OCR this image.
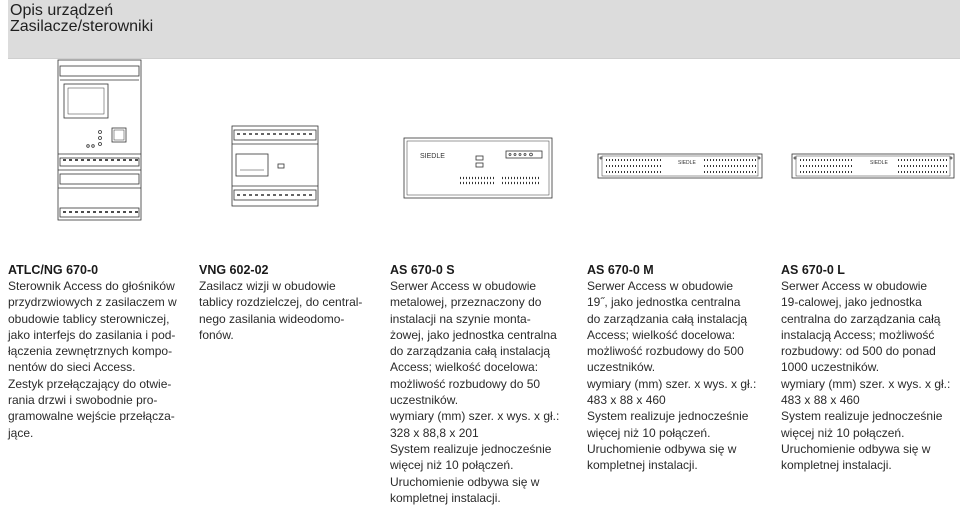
Opis urządzeń
Zasilacze/sterowniki
SIEDLE
SIEDLE	SIEDLE
ATLC/NG 670-0
Sterownik Access do głośników
przydrzwiowych z zasilaczem w
obudowie tablicy sterowniczej,
jako interfejs do zasilania i pod-
łączenia zewnętrznych kompo-
nentów do sieci Access.
Zestyk przełączający do otwie-
rania drzwi i swobodnie pro-
gramowalne wejście przełącza-
jące.
VNG 602-02
Zasilacz wizji w obudowie
tablicy rozdzielczej, do central-
nego zasilania wideodomo-
fonów.
AS 670-0 S
Serwer Access w obudowie
metalowej, przeznaczony do
instalacji na szynie monta-
żowej, jako jednostka centralna
do zarządzania całą instalacją
Access; wielkość docelowa:
możliwość rozbudowy do 50
uczestników.
wymiary (mm) szer. x wys. x gł.:
328 x 88,8 x 201
System realizuje jednocześnie
więcej niż 10 połączeń.
Uruchomienie odbywa się w
kompletnej instalacji.
AS 670-0 M
Serwer Access w obudowie
19˝, jako jednostka centralna
do zarządzania całą instalacją
Access; wielkość docelowa:
możliwość rozbudowy do 500
uczestników.
wymiary (mm) szer. x wys. x gł.:
483 x 88 x 460
System realizuje jednocześnie
więcej niż 10 połączeń.
Uruchomienie odbywa się w
kompletnej instalacji.
AS 670-0 L
Serwer Access w obudowie
19-calowej, jako jednostka
centralna do zarządzania całą
instalacją Access; możliwość
rozbudowy: od 500 do ponad
1000 uczestników.
wymiary (mm) szer. x wys. x gł.:
483 x 88 x 460
System realizuje jednocześnie
więcej niż 10 połączeń.
Uruchomienie odbywa się w
kompletnej instalacji.
